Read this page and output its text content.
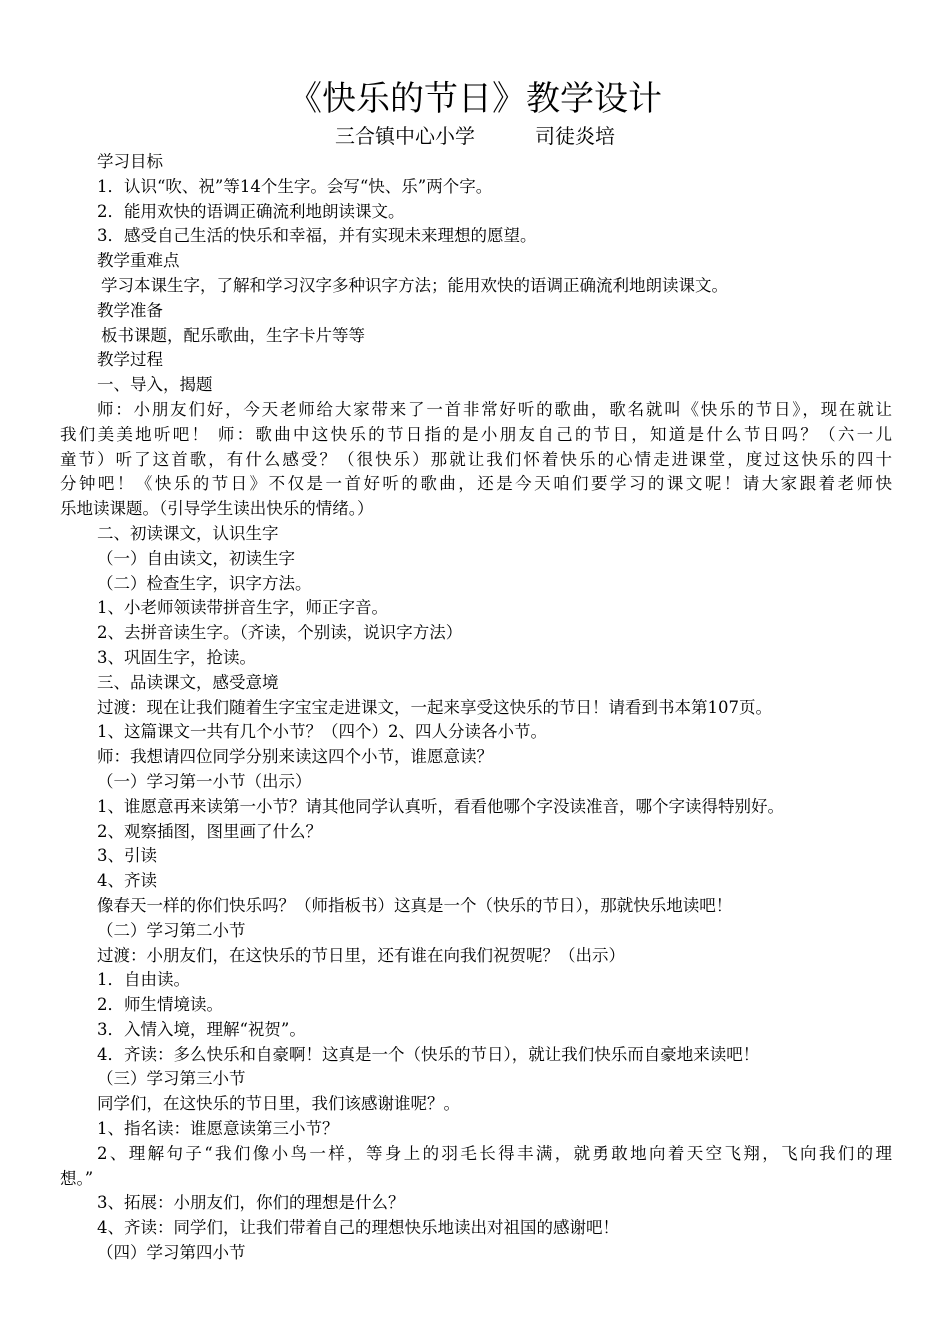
《快乐的节日》教学设计
三合镇中心小学	司徒炎培
学习目标
1．认识“吹、祝”等14个生字。会写“快、乐”两个字。
2．能用欢快的语调正确流利地朗读课文。
3．感受自己生活的快乐和幸福，并有实现未来理想的愿望。
教学重难点
学习本课生字，了解和学习汉字多种识字方法；能用欢快的语调正确流利地朗读课文。
教学准备
板书课题，配乐歌曲，生字卡片等等
教学过程
一、导入，揭题
师：小朋友们好，今天老师给大家带来了一首非常好听的歌曲，歌名就叫《快乐的节日》，现在就让
我们美美地听吧！ 师：歌曲中这快乐的节日指的是小朋友自己的节日，知道是什么节日吗？（六一儿
童节）听了这首歌，有什么感受？（很快乐）那就让我们怀着快乐的心情走进课堂，度过这快乐的四十
分钟吧！《快乐的节日》不仅是一首好听的歌曲，还是今天咱们要学习的课文呢！请大家跟着老师快
乐地读课题。（引导学生读出快乐的情绪。）
二、初读课文，认识生字
（一）自由读文，初读生字
（二）检查生字，识字方法。
1、小老师领读带拼音生字，师正字音。
2、去拼音读生字。（齐读，个别读，说识字方法）
3、巩固生字，抢读。
三、品读课文，感受意境
过渡：现在让我们随着生字宝宝走进课文，一起来享受这快乐的节日！请看到书本第107页。
1、这篇课文一共有几个小节？（四个）2、四人分读各小节。
师：我想请四位同学分别来读这四个小节，谁愿意读？
（一）学习第一小节（出示）
1、谁愿意再来读第一小节？请其他同学认真听，看看他哪个字没读准音，哪个字读得特别好。
2、观察插图，图里画了什么？
3、引读
4、齐读
像春天一样的你们快乐吗？（师指板书）这真是一个（快乐的节日），那就快乐地读吧！
（二）学习第二小节
过渡：小朋友们，在这快乐的节日里，还有谁在向我们祝贺呢？（出示）
1．自由读。
2．师生情境读。
3．入情入境，理解“祝贺”。
4．齐读：多么快乐和自豪啊！这真是一个（快乐的节日），就让我们快乐而自豪地来读吧！
（三）学习第三小节
同学们，在这快乐的节日里，我们该感谢谁呢？。
1、指名读：谁愿意读第三小节？
2、理解句子“我们像小鸟一样，等身上的羽毛长得丰满，就勇敢地向着天空飞翔，飞向我们的理
想。”
3、拓展：小朋友们，你们的理想是什么？
4、齐读：同学们，让我们带着自己的理想快乐地读出对祖国的感谢吧！
（四）学习第四小节
